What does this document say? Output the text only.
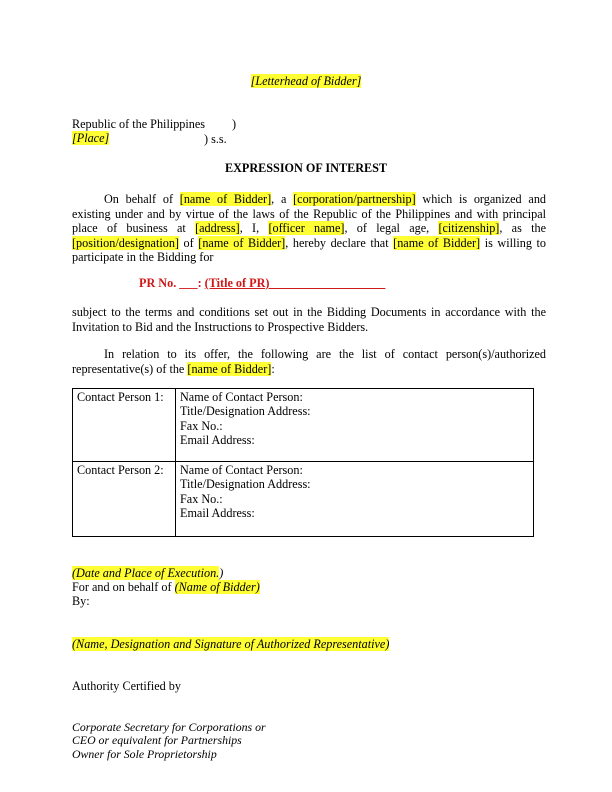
[Letterhead of Bidder]
Republic of the Philippines )
[Place]	) s.s.
EXPRESSION OF INTEREST
On behalf of [name of Bidder], a [corporation/partnership] which is organized and existing under and by virtue of the laws of the Republic of the Philippines and with principal place of business at [address], I, [officer name], of legal age, [citizenship], as the [position/designation] of [name of Bidder], hereby declare that [name of Bidder] is willing to participate in the Bidding for
PR No. ___: (Title of PR)___________________
subject to the terms and conditions set out in the Bidding Documents in accordance with the Invitation to Bid and the Instructions to Prospective Bidders.
In relation to its offer, the following are the list of contact person(s)/authorized representative(s) of the [name of Bidder]:
Contact Person 1:	Name of Contact Person:
Title/Designation Address:
Fax No.:
Email Address:

Contact Person 2:	Name of Contact Person:
Title/Designation Address:
Fax No.:
Email Address:
(Date and Place of Execution.)
For and on behalf of (Name of Bidder)
By:
(Name, Designation and Signature of Authorized Representative)
Authority Certified by
Corporate Secretary for Corporations or
CEO or equivalent for Partnerships
Owner for Sole Proprietorship
